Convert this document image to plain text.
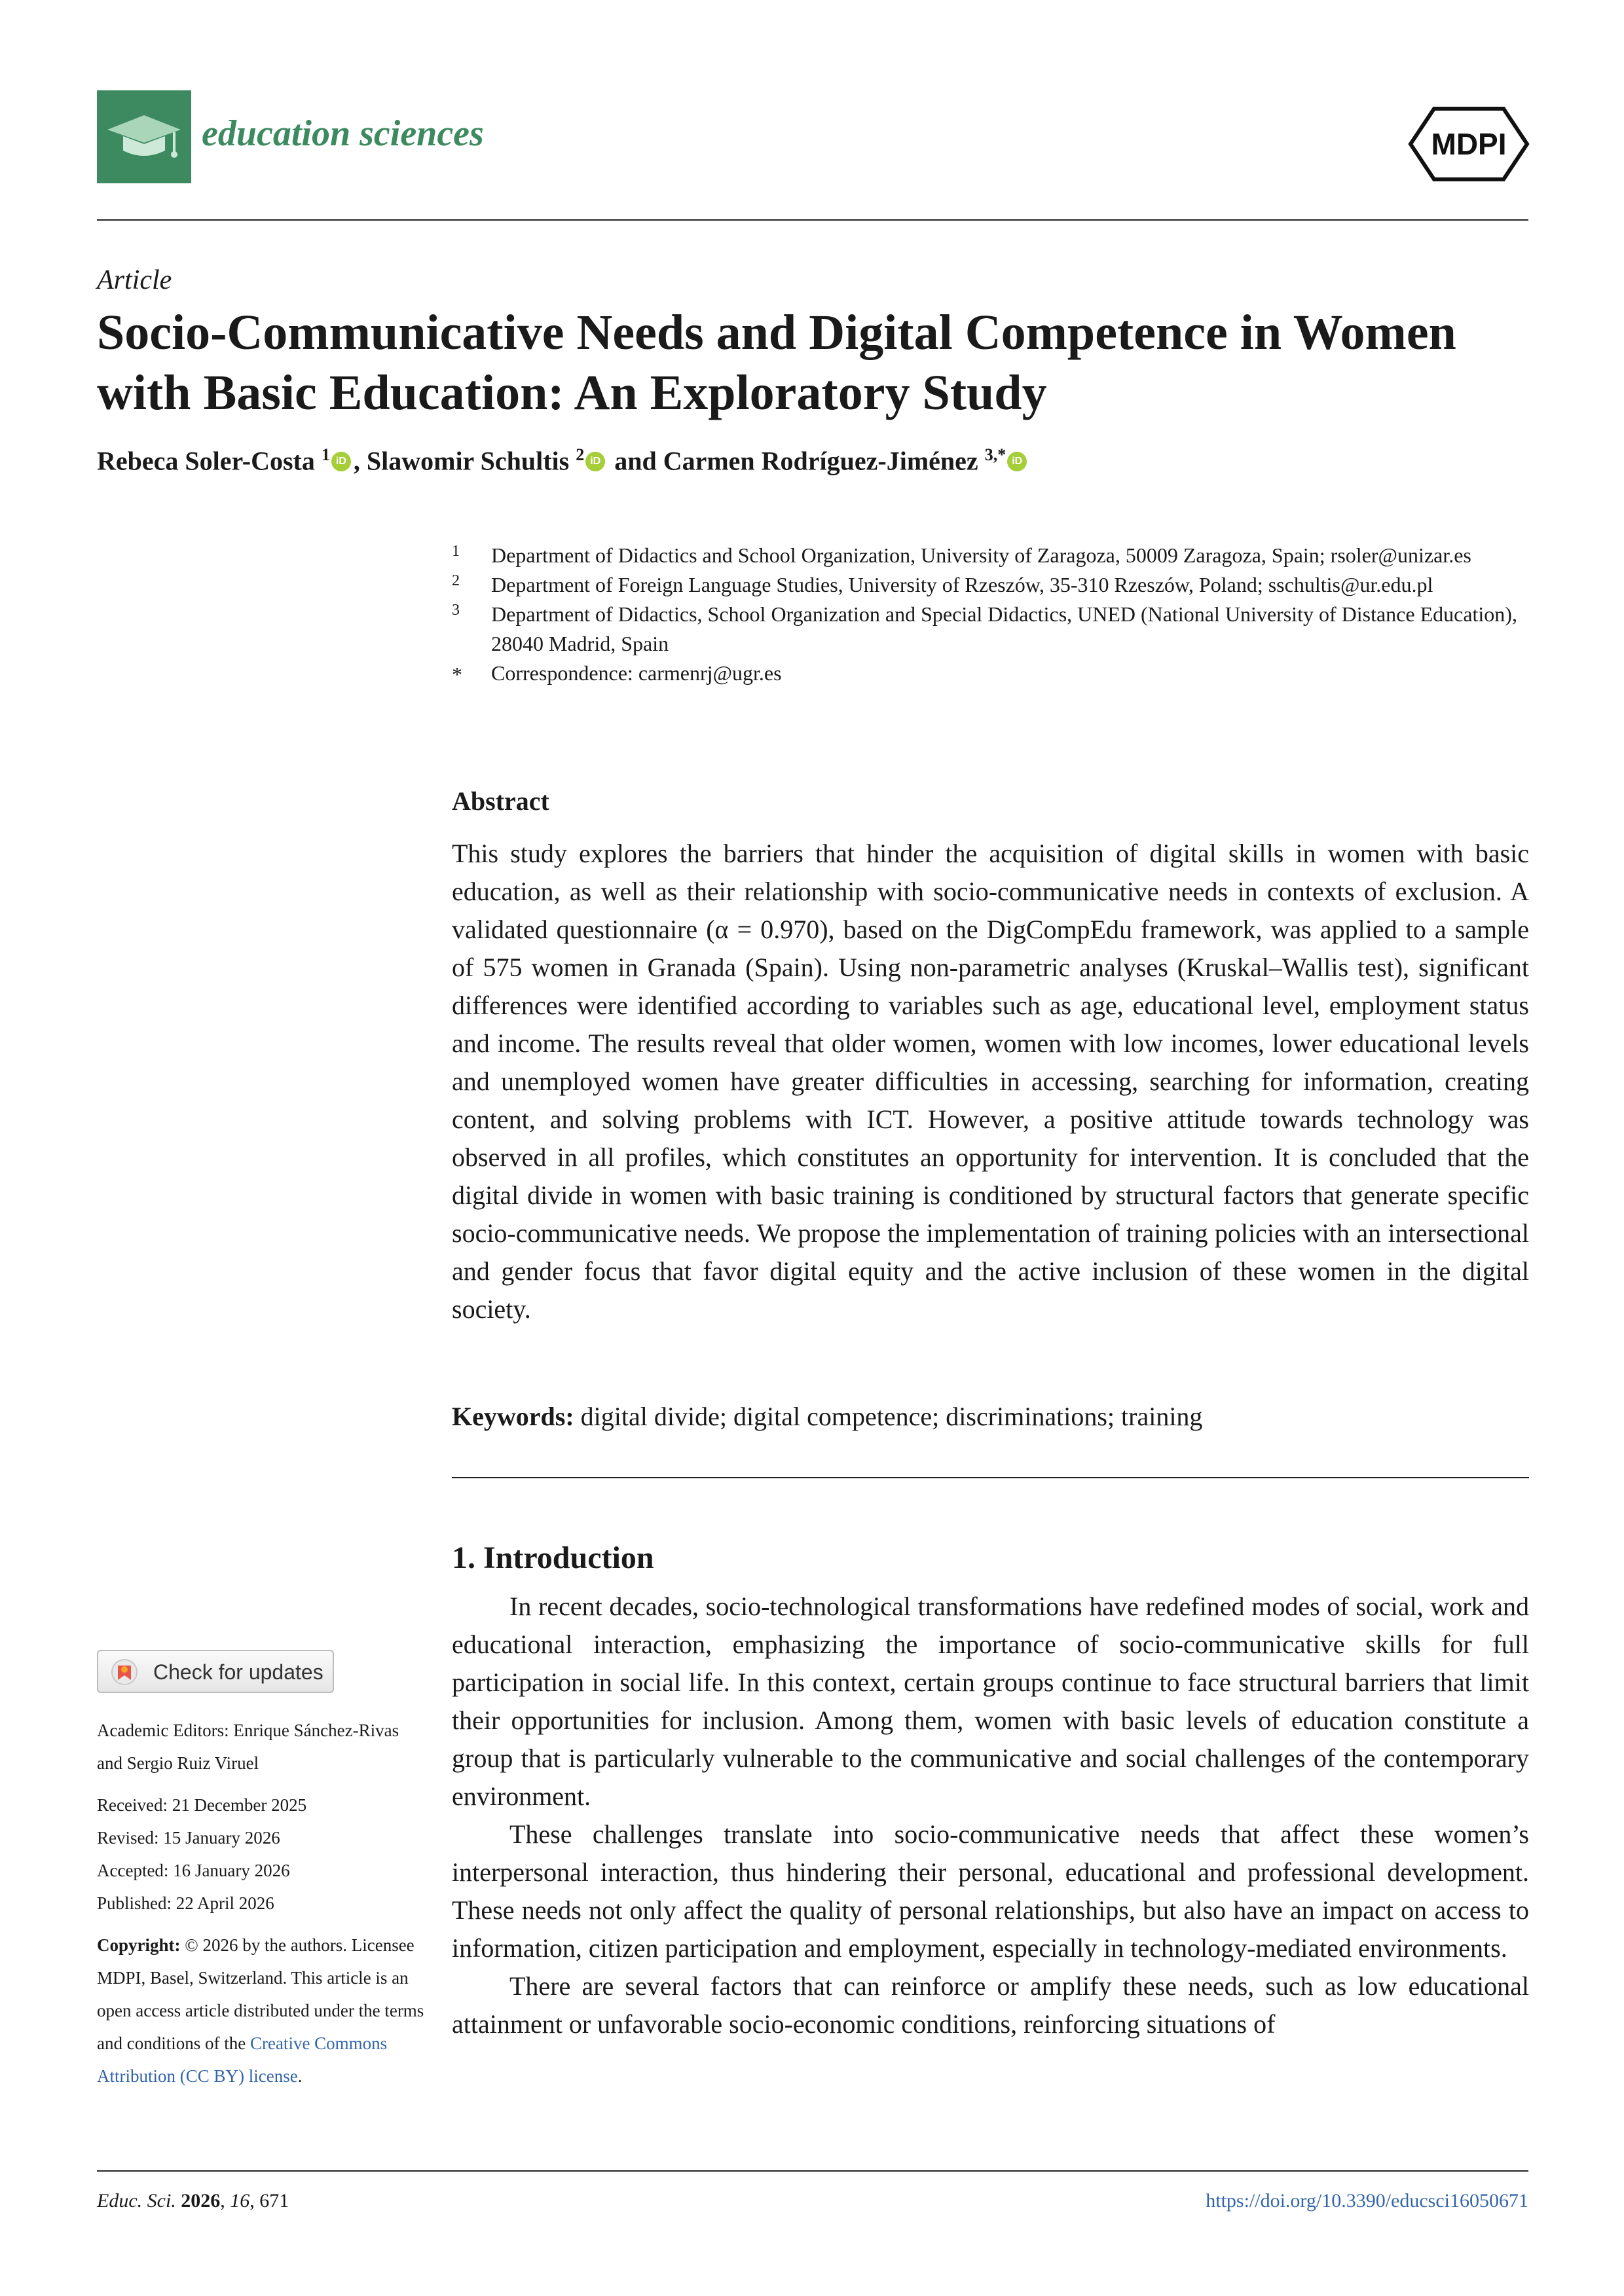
education sciences	MDPI
Article
Socio-Communicative Needs and Digital Competence in Women with Basic Education: An Exploratory Study
Rebeca Soler-Costa $^1$ iD , Slawomir Schultis $^2$ iD and Carmen Rodríguez-Jiménez $^{3,*}$ iD
1 Department of Didactics and School Organization, University of Zaragoza, 50009 Zaragoza, Spain; rsoler@unizar.es
2 Department of Foreign Language Studies, University of Rzeszów, 35-310 Rzeszów, Poland; sschultis@ur.edu.pl
3 Department of Didactics, School Organization and Special Didactics, UNED (National University of Distance Education), 28040 Madrid, Spain
* Correspondence: carmenrj@ugr.es
Abstract
This study explores the barriers that hinder the acquisition of digital skills in women with basic education, as well as their relationship with socio-communicative needs in contexts of exclusion. A validated questionnaire (α = 0.970), based on the DigCompEdu framework, was applied to a sample of 575 women in Granada (Spain). Using non-parametric analyses (Kruskal–Wallis test), significant differences were identified according to variables such as age, educational level, employment status and income. The results reveal that older women, women with low incomes, lower educational levels and unemployed women have greater difficulties in accessing, searching for information, creating content, and solving problems with ICT. However, a positive attitude towards technology was observed in all profiles, which constitutes an opportunity for intervention. It is concluded that the digital divide in women with basic training is conditioned by structural factors that generate specific socio-communicative needs. We propose the implementation of training policies with an intersectional and gender focus that favor digital equity and the active inclusion of these women in the digital society.
Keywords: digital divide; digital competence; discriminations; training
1. Introduction

In recent decades, socio-technological transformations have redefined modes of social, work and educational interaction, emphasizing the importance of socio-communicative skills for full participation in social life. In this context, certain groups continue to face structural barriers that limit their opportunities for inclusion. Among them, women with basic levels of education constitute a group that is particularly vulnerable to the communicative and social challenges of the contemporary environment.

These challenges translate into socio-communicative needs that affect these women’s interpersonal interaction, thus hindering their personal, educational and professional development. These needs not only affect the quality of personal relationships, but also have an impact on access to information, citizen participation and employment, especially in technology-mediated environments.

There are several factors that can reinforce or amplify these needs, such as low educational attainment or unfavorable socio-economic conditions, reinforcing situations of

Check for updates
Academic Editors: Enrique Sánchez-Rivas and Sergio Ruiz Viruel
Received: 21 December 2025
Revised: 15 January 2026
Accepted: 16 January 2026
Published: 22 April 2026
Copyright: © 2026 by the authors. Licensee MDPI, Basel, Switzerland. This article is an open access article distributed under the terms and conditions of the Creative Commons Attribution (CC BY) license.
Educ. Sci. 2026, 16, 671	https://doi.org/10.3390/educsci16050671
